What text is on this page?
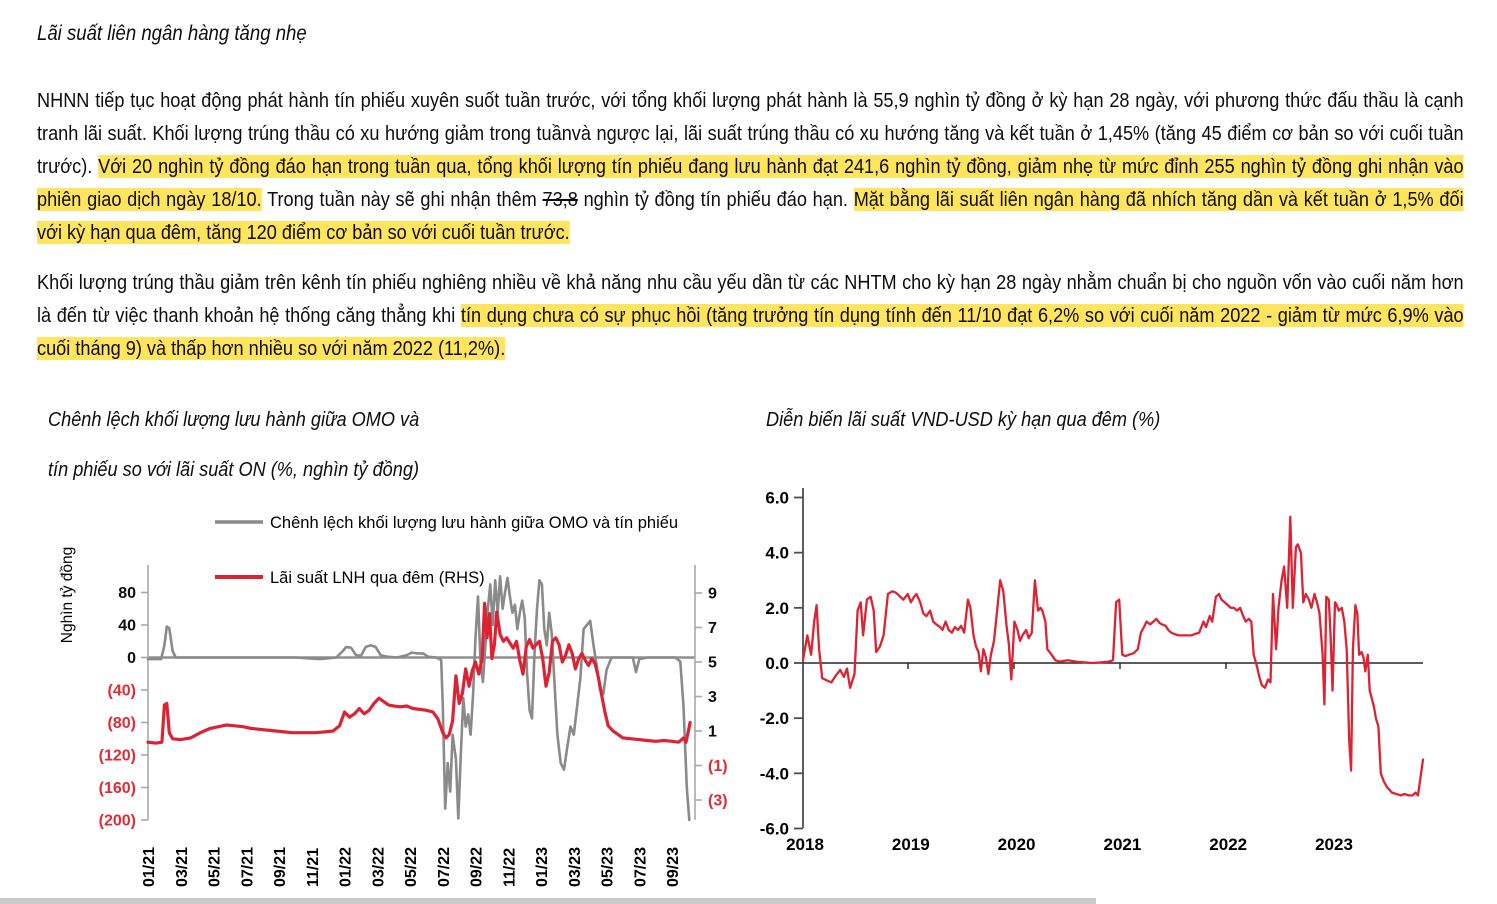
Lãi suất liên ngân hàng tăng nhẹ
NHNN tiếp tục hoạt động phát hành tín phiếu xuyên suốt tuần trước, với tổng khối lượng phát hành là 55,9 nghìn tỷ đồng ở kỳ hạn 28 ngày, với phương thức đấu thầu là cạnh tranh lãi suất. Khối lượng trúng thầu có xu hướng giảm trong tuầnvà ngược lại, lãi suất trúng thầu có xu hướng tăng và kết tuần ở 1,45% (tăng 45 điểm cơ bản so với cuối tuần trước). Với 20 nghìn tỷ đồng đáo hạn trong tuần qua, tổng khối lượng tín phiếu đang lưu hành đạt 241,6 nghìn tỷ đồng, giảm nhẹ từ mức đỉnh 255 nghìn tỷ đồng ghi nhận vào phiên giao dịch ngày 18/10. Trong tuần này sẽ ghi nhận thêm 73,8 nghìn tỷ đồng tín phiếu đáo hạn. Mặt bằng lãi suất liên ngân hàng đã nhích tăng dần và kết tuần ở 1,5% đối với kỳ hạn qua đêm, tăng 120 điểm cơ bản so với cuối tuần trước.
Khối lượng trúng thầu giảm trên kênh tín phiếu nghiêng nhiều về khả năng nhu cầu yếu dần từ các NHTM cho kỳ hạn 28 ngày nhằm chuẩn bị cho nguồn vốn vào cuối năm hơn là đến từ việc thanh khoản hệ thống căng thẳng khi tín dụng chưa có sự phục hồi (tăng trưởng tín dụng tính đến 11/10 đạt 6,2% so với cuối năm 2022 - giảm từ mức 6,9% vào cuối tháng 9) và thấp hơn nhiều so với năm 2022 (11,2%).
Chênh lệch khối lượng lưu hành giữa OMO và
tín phiếu so với lãi suất ON (%, nghìn tỷ đồng)
Diễn biến lãi suất VND-USD kỳ hạn qua đêm (%)
Chênh lệch khối lượng lưu hành giữa OMO và tín phiếu
Lãi suất LNH qua đêm (RHS)
Nghìn tỷ đồng	80
40
0
(40)
(80)
(120)
(160)
(200)
9
7
5
3
1
(1)
(3)
01/21 03/21 05/21 07/21 09/21 11/21 01/22 03/22 05/22 07/22 09/22 11/22 01/23 03/23 05/23 07/23 09/23
6.0
4.0
2.0
0.0
-2.0
-4.0
-6.0
2018	2019	2020	2021	2022	2023
